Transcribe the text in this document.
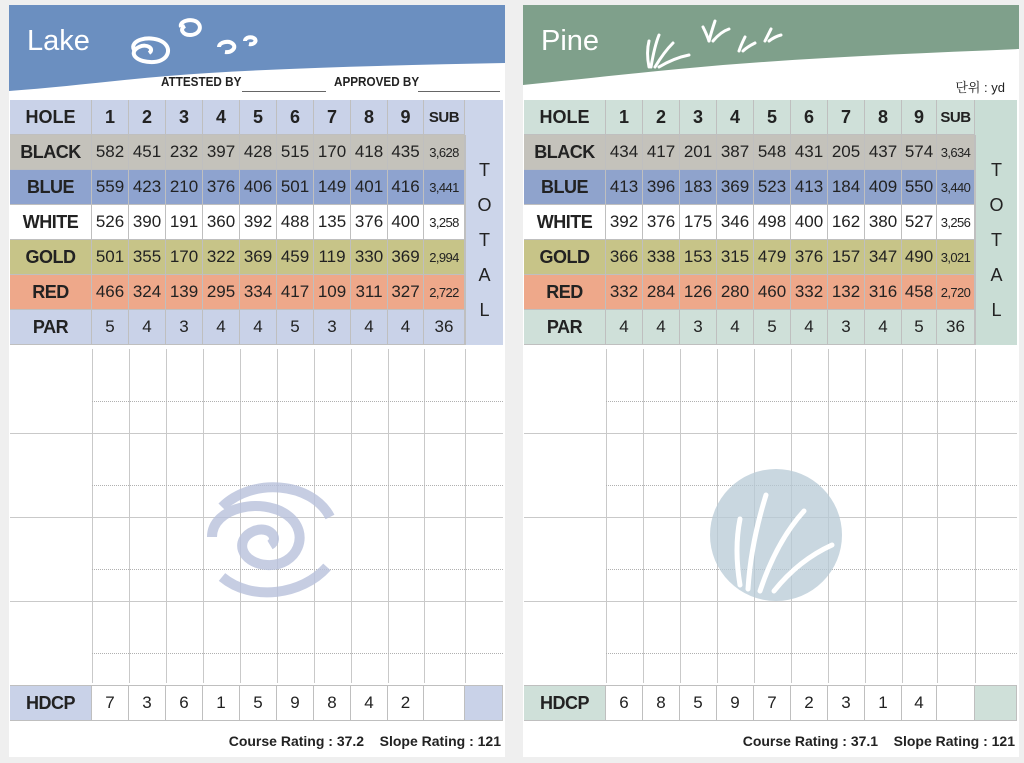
Lake
ATTESTED BY	APPROVED BY
HOLE	1	2	3	4	5	6	7	8	9	SUB
BLACK 582 451 232 397 428 515 170 418 435 3,628
BLUE	559 423 210 376 406 501 149 401 416 3,441
WHITE	526 390 191 360 392 488 135 376 400 3,258
GOLD	501 355 170 322 369 459 119 330 369 2,994
RED	466 324 139 295 334 417 109 311 327 2,722
PAR	5	4	3	4	4	5	3	4	4	36
T
O
T
A
L
HDCP	7	3	6	1	5	9	8	4	2
Course Rating : 37.2 Slope Rating : 121
Pine
단위 : yd
HOLE	1	2	3	4	5	6	7	8	9	SUB
BLACK 434 417 201 387 548 431 205 437 574 3,634
BLUE	413 396 183 369 523 413 184 409 550 3,440
WHITE	392 376 175 346 498 400 162 380 527 3,256
GOLD	366 338 153 315 479 376 157 347 490 3,021
RED	332 284 126 280 460 332 132 316 458 2,720
PAR	4	4	3	4	5	4	3	4	5	36
T
O
T
A
L
HDCP	6	8	5	9	7	2	3	1	4
Course Rating : 37.1 Slope Rating : 121
